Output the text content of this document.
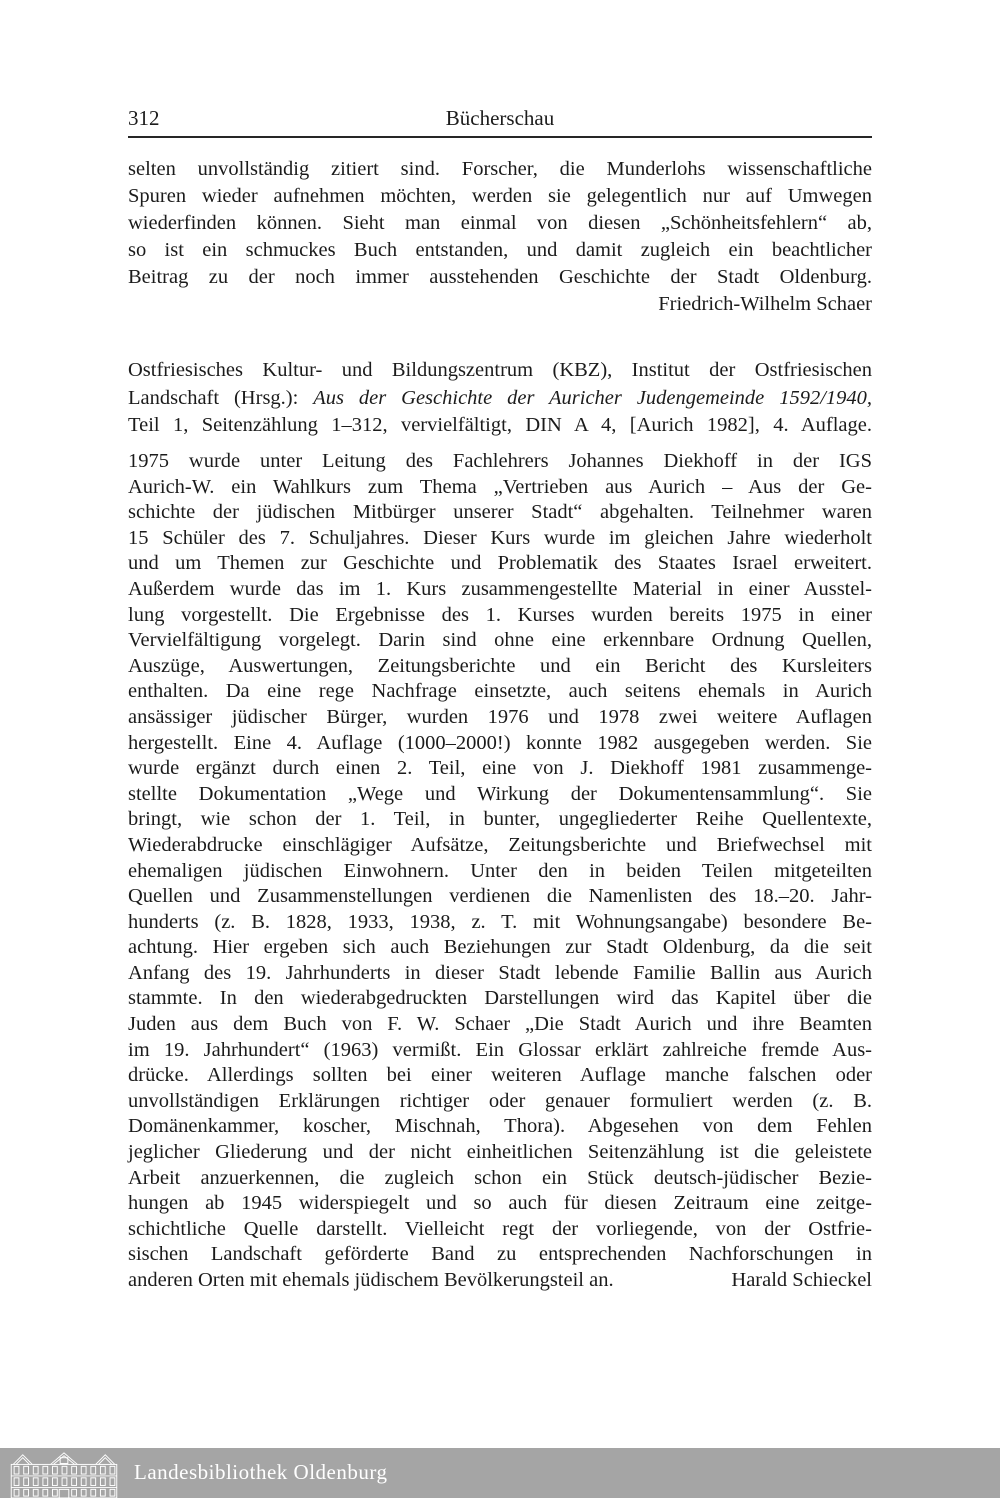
312	Bücherschau
selten unvollständig zitiert sind. Forscher, die Munderlohs wissenschaftliche
Spuren wieder aufnehmen möchten, werden sie gelegentlich nur auf Umwegen
wiederfinden können. Sieht man einmal von diesen „Schönheitsfehlern“ ab,
so ist ein schmuckes Buch entstanden, und damit zugleich ein beachtlicher
Beitrag zu der noch immer ausstehenden Geschichte der Stadt Oldenburg.
Friedrich-Wilhelm Schaer
Ostfriesisches Kultur- und Bildungszentrum (KBZ), Institut der Ostfriesischen
Landschaft (Hrsg.): Aus der Geschichte der Auricher Judengemeinde 1592/1940,
Teil 1, Seitenzählung 1–312, vervielfältigt, DIN A 4, [Aurich 1982], 4. Auflage.
1975 wurde unter Leitung des Fachlehrers Johannes Diekhoff in der IGS
Aurich-W. ein Wahlkurs zum Thema „Vertrieben aus Aurich – Aus der Ge-
schichte der jüdischen Mitbürger unserer Stadt“ abgehalten. Teilnehmer waren
15 Schüler des 7. Schuljahres. Dieser Kurs wurde im gleichen Jahre wiederholt
und um Themen zur Geschichte und Problematik des Staates Israel erweitert.
Außerdem wurde das im 1. Kurs zusammengestellte Material in einer Ausstel-
lung vorgestellt. Die Ergebnisse des 1. Kurses wurden bereits 1975 in einer
Vervielfältigung vorgelegt. Darin sind ohne eine erkennbare Ordnung Quellen,
Auszüge, Auswertungen, Zeitungsberichte und ein Bericht des Kursleiters
enthalten. Da eine rege Nachfrage einsetzte, auch seitens ehemals in Aurich
ansässiger jüdischer Bürger, wurden 1976 und 1978 zwei weitere Auflagen
hergestellt. Eine 4. Auflage (1000–2000!) konnte 1982 ausgegeben werden. Sie
wurde ergänzt durch einen 2. Teil, eine von J. Diekhoff 1981 zusammenge-
stellte Dokumentation „Wege und Wirkung der Dokumentensammlung“. Sie
bringt, wie schon der 1. Teil, in bunter, ungegliederter Reihe Quellentexte,
Wiederabdrucke einschlägiger Aufsätze, Zeitungsberichte und Briefwechsel mit
ehemaligen jüdischen Einwohnern. Unter den in beiden Teilen mitgeteilten
Quellen und Zusammenstellungen verdienen die Namenlisten des 18.–20. Jahr-
hunderts (z. B. 1828, 1933, 1938, z. T. mit Wohnungsangabe) besondere Be-
achtung. Hier ergeben sich auch Beziehungen zur Stadt Oldenburg, da die seit
Anfang des 19. Jahrhunderts in dieser Stadt lebende Familie Ballin aus Aurich
stammte. In den wiederabgedruckten Darstellungen wird das Kapitel über die
Juden aus dem Buch von F. W. Schaer „Die Stadt Aurich und ihre Beamten
im 19. Jahrhundert“ (1963) vermißt. Ein Glossar erklärt zahlreiche fremde Aus-
drücke. Allerdings sollten bei einer weiteren Auflage manche falschen oder
unvollständigen Erklärungen richtiger oder genauer formuliert werden (z. B.
Domänenkammer, koscher, Mischnah, Thora). Abgesehen von dem Fehlen
jeglicher Gliederung und der nicht einheitlichen Seitenzählung ist die geleistete
Arbeit anzuerkennen, die zugleich schon ein Stück deutsch-jüdischer Bezie-
hungen ab 1945 widerspiegelt und so auch für diesen Zeitraum eine zeitge-
schichtliche Quelle darstellt. Vielleicht regt der vorliegende, von der Ostfrie-
sischen Landschaft geförderte Band zu entsprechenden Nachforschungen in
anderen Orten mit ehemals jüdischem Bevölkerungsteil an.	Harald Schieckel
Landesbibliothek Oldenburg
